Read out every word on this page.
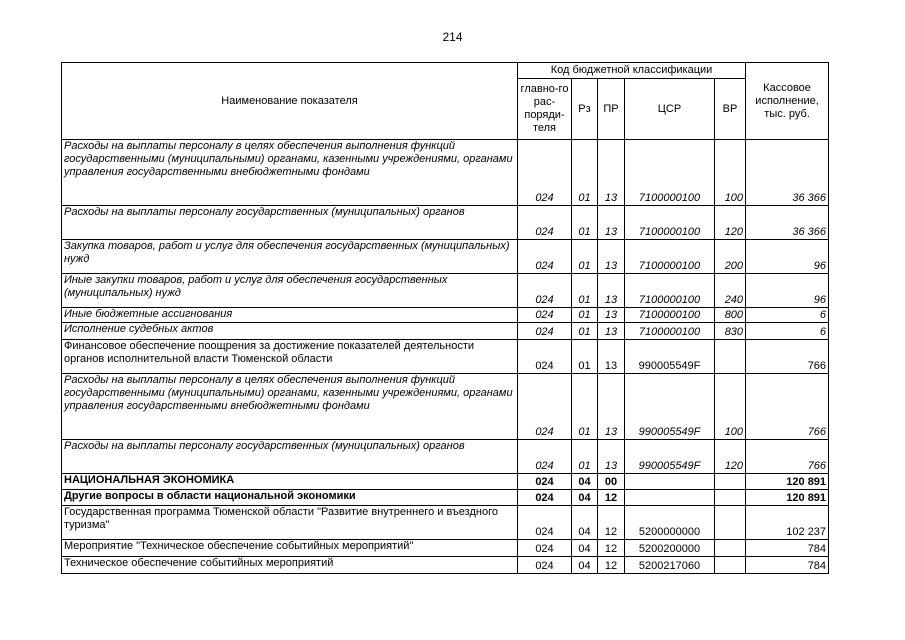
214
Наименование показателя	Код бюджетной классификации					Кассовое исполнение, тыс. руб.
	главно-го рас-поряди-теля	Рз	ПР	ЦСР	ВР	
Расходы на выплаты персоналу в целях обеспечения выполнения функций государственными (муниципальными) органами, казенными учреждениями, органами управления государственными внебюджетными фондами	024	01	13	7100000100	100	36 366
Расходы на выплаты персоналу государственных (муниципальных) органов	024	01	13	7100000100	120	36 366
Закупка товаров, работ и услуг для обеспечения государственных (муниципальных) нужд	024	01	13	7100000100	200	96
Иные закупки товаров, работ и услуг для обеспечения государственных (муниципальных) нужд	024	01	13	7100000100	240	96
Иные бюджетные ассигнования	024	01	13	7100000100	800	6
Исполнение судебных актов	024	01	13	7100000100	830	6
Финансовое обеспечение поощрения за достижение показателей деятельности органов исполнительной власти Тюменской области	024	01	13	990005549F		766
Расходы на выплаты персоналу в целях обеспечения выполнения функций государственными (муниципальными) органами, казенными учреждениями, органами управления государственными внебюджетными фондами	024	01	13	990005549F	100	766
Расходы на выплаты персоналу государственных (муниципальных) органов	024	01	13	990005549F	120	766
НАЦИОНАЛЬНАЯ ЭКОНОМИКА	024	04	00			120 891
Другие вопросы в области национальной экономики	024	04	12			120 891
Государственная программа Тюменской области "Развитие внутреннего и въездного туризма"	024	04	12	5200000000		102 237
Мероприятие "Техническое обеспечение событийных мероприятий"	024	04	12	5200200000		784
Техническое обеспечение событийных мероприятий	024	04	12	5200217060		784
